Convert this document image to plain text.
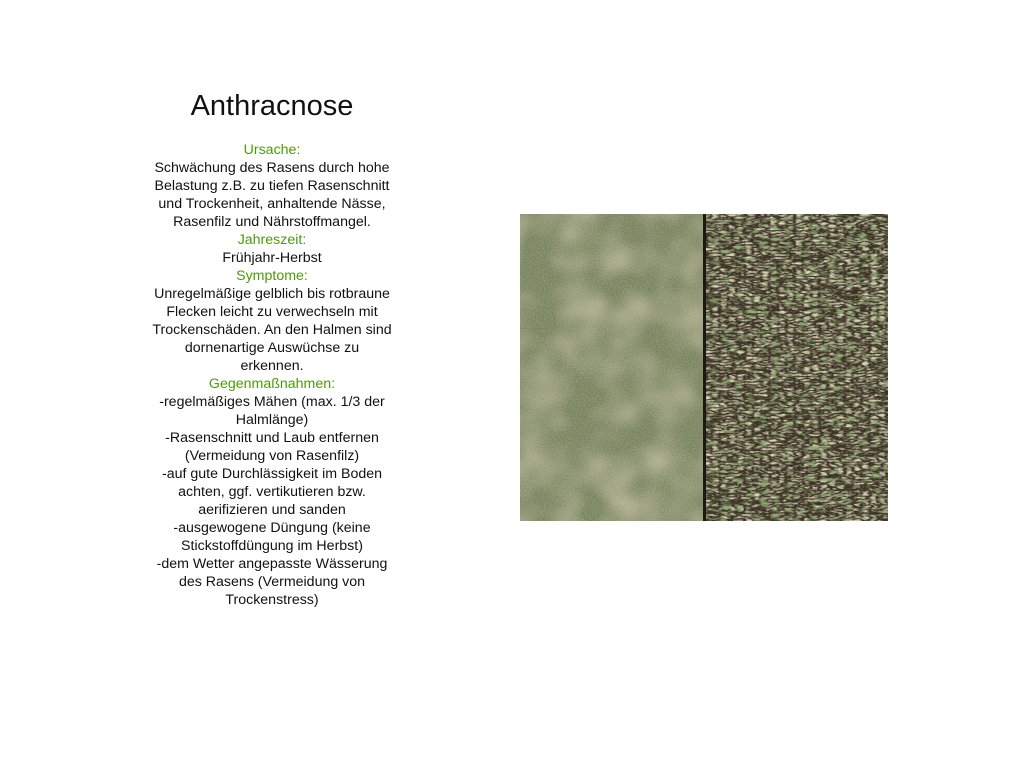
Anthracnose
Ursache:
Schwächung des Rasens durch hohe
Belastung z.B. zu tiefen Rasenschnitt
und Trockenheit, anhaltende Nässe,
Rasenfilz und Nährstoffmangel.
Jahreszeit:
Frühjahr-Herbst
Symptome:
Unregelmäßige gelblich bis rotbraune
Flecken leicht zu verwechseln mit
Trockenschäden. An den Halmen sind
dornenartige Auswüchse zu
erkennen.
Gegenmaßnahmen:
-regelmäßiges Mähen (max. 1/3 der
Halmlänge)
-Rasenschnitt und Laub entfernen
(Vermeidung von Rasenfilz)
-auf gute Durchlässigkeit im Boden
achten, ggf. vertikutieren bzw.
aerifizieren und sanden
-ausgewogene Düngung (keine
Stickstoffdüngung im Herbst)
-dem Wetter angepasste Wässerung
des Rasens (Vermeidung von
Trockenstress)
